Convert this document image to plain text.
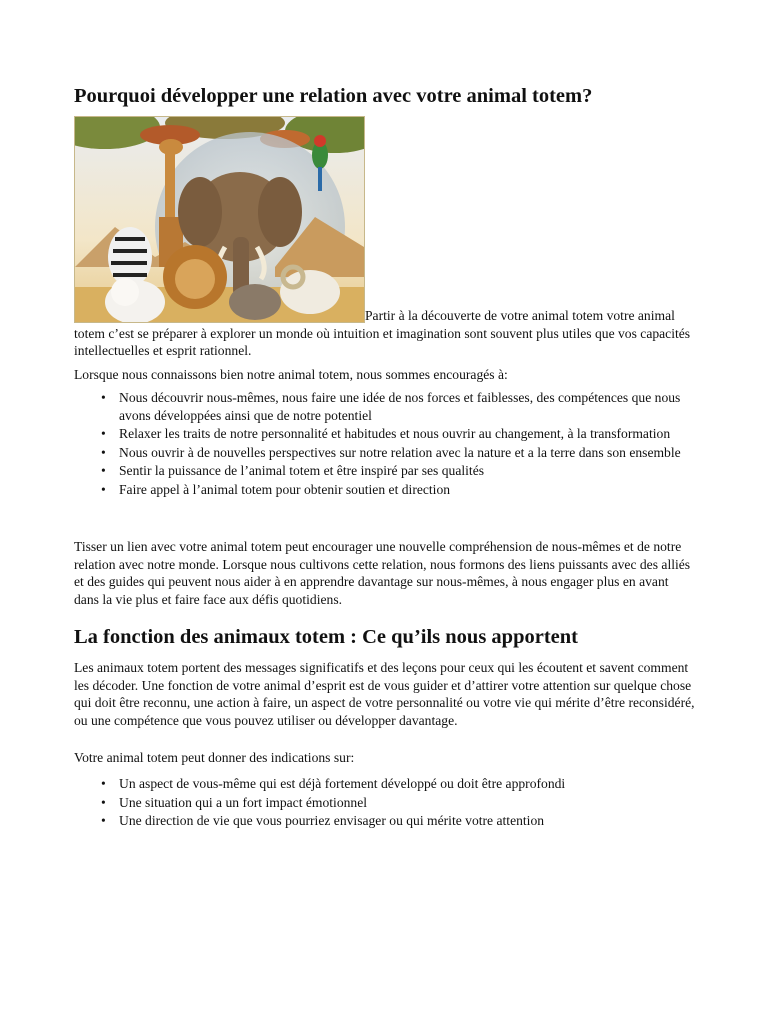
Pourquoi développer une relation avec votre animal totem?

Partir à la découverte de votre animal totem votre animal totem c’est se préparer à explorer un monde où intuition et imagination sont souvent plus utiles que vos capacités intellectuelles et esprit rationnel.

Lorsque nous connaissons bien notre animal totem, nous sommes encouragés à:

• Nous découvrir nous-mêmes, nous faire une idée de nos forces et faiblesses, des compétences que nous avons développées ainsi que de notre potentiel
• Relaxer les traits de notre personnalité et habitudes et nous ouvrir au changement, à la transformation
• Nous ouvrir à de nouvelles perspectives sur notre relation avec la nature et a la terre dans son ensemble
• Sentir la puissance de l’animal totem et être inspiré par ses qualités
• Faire appel à l’animal totem pour obtenir soutien et direction

Tisser un lien avec votre animal totem peut encourager une nouvelle compréhension de nous-mêmes et de notre relation avec notre monde. Lorsque nous cultivons cette relation, nous formons des liens puissants avec des alliés et des guides qui peuvent nous aider à en apprendre davantage sur nous-mêmes, à nous engager plus en avant dans la vie plus et faire face aux défis quotidiens.

La fonction des animaux totem : Ce qu’ils nous apportent

Les animaux totem portent des messages significatifs et des leçons pour ceux qui les écoutent et savent comment les décoder. Une fonction de votre animal d’esprit est de vous guider et d’attirer votre attention sur quelque chose qui doit être reconnu, une action à faire, un aspect de votre personnalité ou votre vie qui mérite d’être reconsidéré, ou une compétence que vous pouvez utiliser ou développer davantage.

Votre animal totem peut donner des indications sur:

• Un aspect de vous-même qui est déjà fortement développé ou doit être approfondi
• Une situation qui a un fort impact émotionnel
• Une direction de vie que vous pourriez envisager ou qui mérite votre attention
